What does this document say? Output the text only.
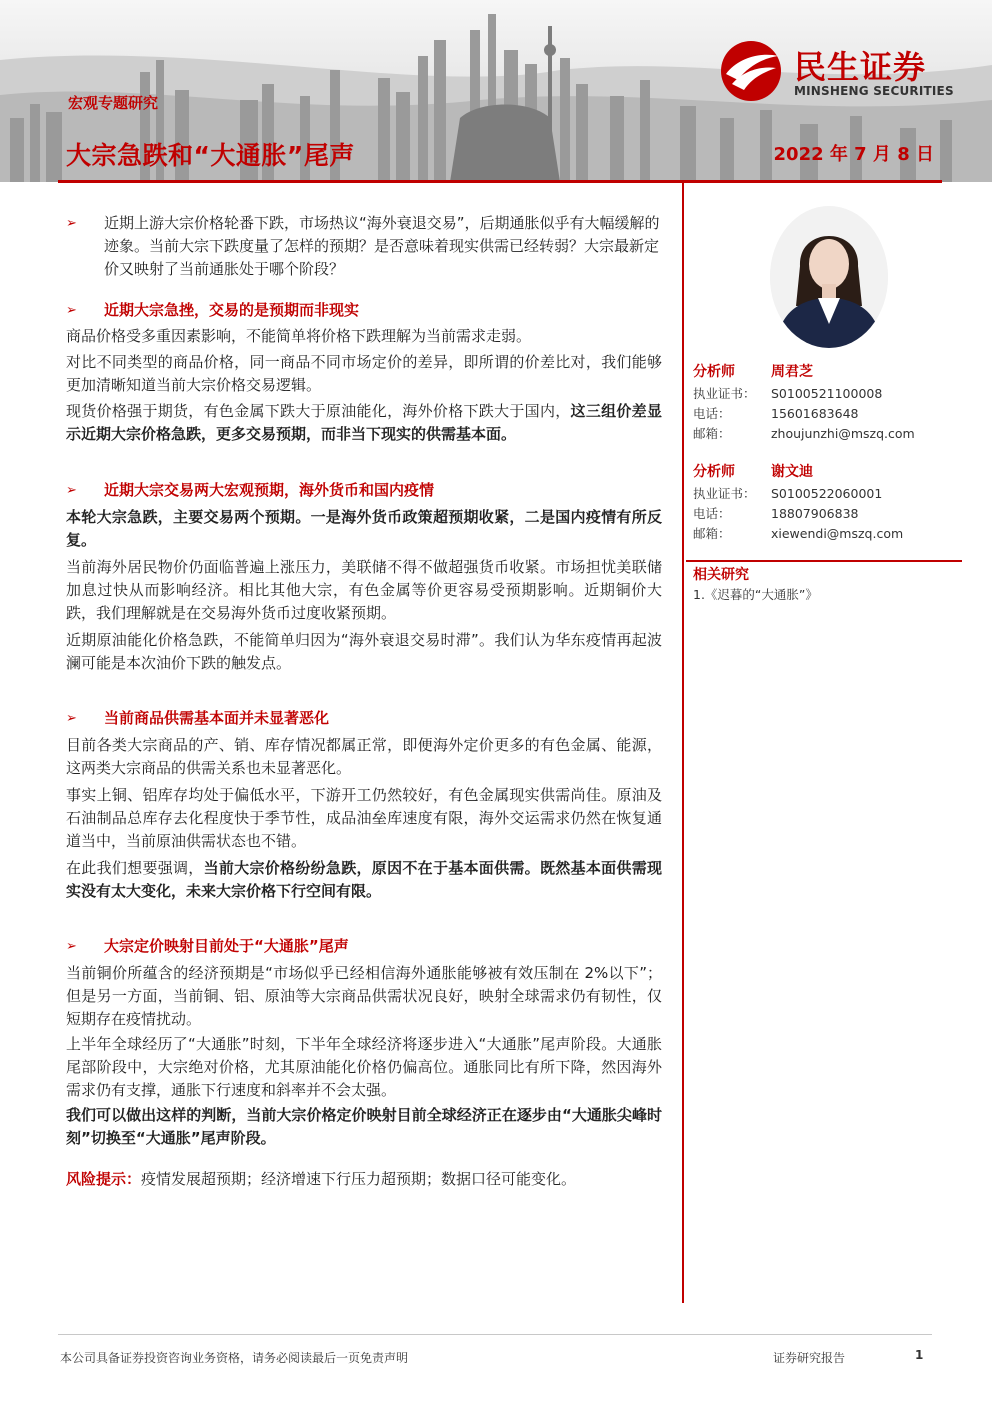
宏观专题研究
大宗急跌和“大通胀”尾声	2022 年 7 月 8 日
民生证券
MINSHENG SECURITIES
➢ 近期上游大宗价格轮番下跌，市场热议“海外衰退交易”，后期通胀似乎有大幅缓解的迹象。当前大宗下跌度量了怎样的预期？是否意味着现实供需已经转弱？大宗最新定价又映射了当前通胀处于哪个阶段？
➢ 近期大宗急挫，交易的是预期而非现实
商品价格受多重因素影响，不能简单将价格下跌理解为当前需求走弱。
对比不同类型的商品价格，同一商品不同市场定价的差异，即所谓的价差比对，我们能够更加清晰知道当前大宗价格交易逻辑。
现货价格强于期货，有色金属下跌大于原油能化，海外价格下跌大于国内，这三组价差显示近期大宗价格急跌，更多交易预期，而非当下现实的供需基本面。
➢ 近期大宗交易两大宏观预期，海外货币和国内疫情
本轮大宗急跌，主要交易两个预期。一是海外货币政策超预期收紧，二是国内疫情有所反复。
当前海外居民物价仍面临普遍上涨压力，美联储不得不做超强货币收紧。市场担忧美联储加息过快从而影响经济。相比其他大宗，有色金属等价更容易受预期影响。近期铜价大跌，我们理解就是在交易海外货币过度收紧预期。
近期原油能化价格急跌，不能简单归因为“海外衰退交易时滞”。我们认为华东疫情再起波澜可能是本次油价下跌的触发点。
➢ 当前商品供需基本面并未显著恶化
目前各类大宗商品的产、销、库存情况都属正常，即便海外定价更多的有色金属、能源，这两类大宗商品的供需关系也未显著恶化。
事实上铜、铝库存均处于偏低水平，下游开工仍然较好，有色金属现实供需尚佳。原油及石油制品总库存去化程度快于季节性，成品油垒库速度有限，海外交运需求仍然在恢复通道当中，当前原油供需状态也不错。
在此我们想要强调，当前大宗价格纷纷急跌，原因不在于基本面供需。既然基本面供需现实没有太大变化，未来大宗价格下行空间有限。
➢ 大宗定价映射目前处于“大通胀”尾声
当前铜价所蕴含的经济预期是“市场似乎已经相信海外通胀能够被有效压制在 2%以下”；但是另一方面，当前铜、铝、原油等大宗商品供需状况良好，映射全球需求仍有韧性，仅短期存在疫情扰动。
上半年全球经历了“大通胀”时刻，下半年全球经济将逐步进入“大通胀”尾声阶段。大通胀尾部阶段中，大宗绝对价格，尤其原油能化价格仍偏高位。通胀同比有所下降，然因海外需求仍有支撑，通胀下行速度和斜率并不会太强。
我们可以做出这样的判断，当前大宗价格定价映射目前全球经济正在逐步由“大通胀尖峰时刻”切换至“大通胀”尾声阶段。
风险提示：疫情发展超预期；经济增速下行压力超预期；数据口径可能变化。
分析师	周君芝
执业证书： S0100521100008
电话：	15601683648
邮箱：	zhoujunzhi@mszq.com
分析师	谢文迪
执业证书： S0100522060001
电话：	18807906838
邮箱：	xiewendi@mszq.com
相关研究
1.《迟暮的“大通胀”》
本公司具备证券投资咨询业务资格，请务必阅读最后一页免责声明	证券研究报告	1
